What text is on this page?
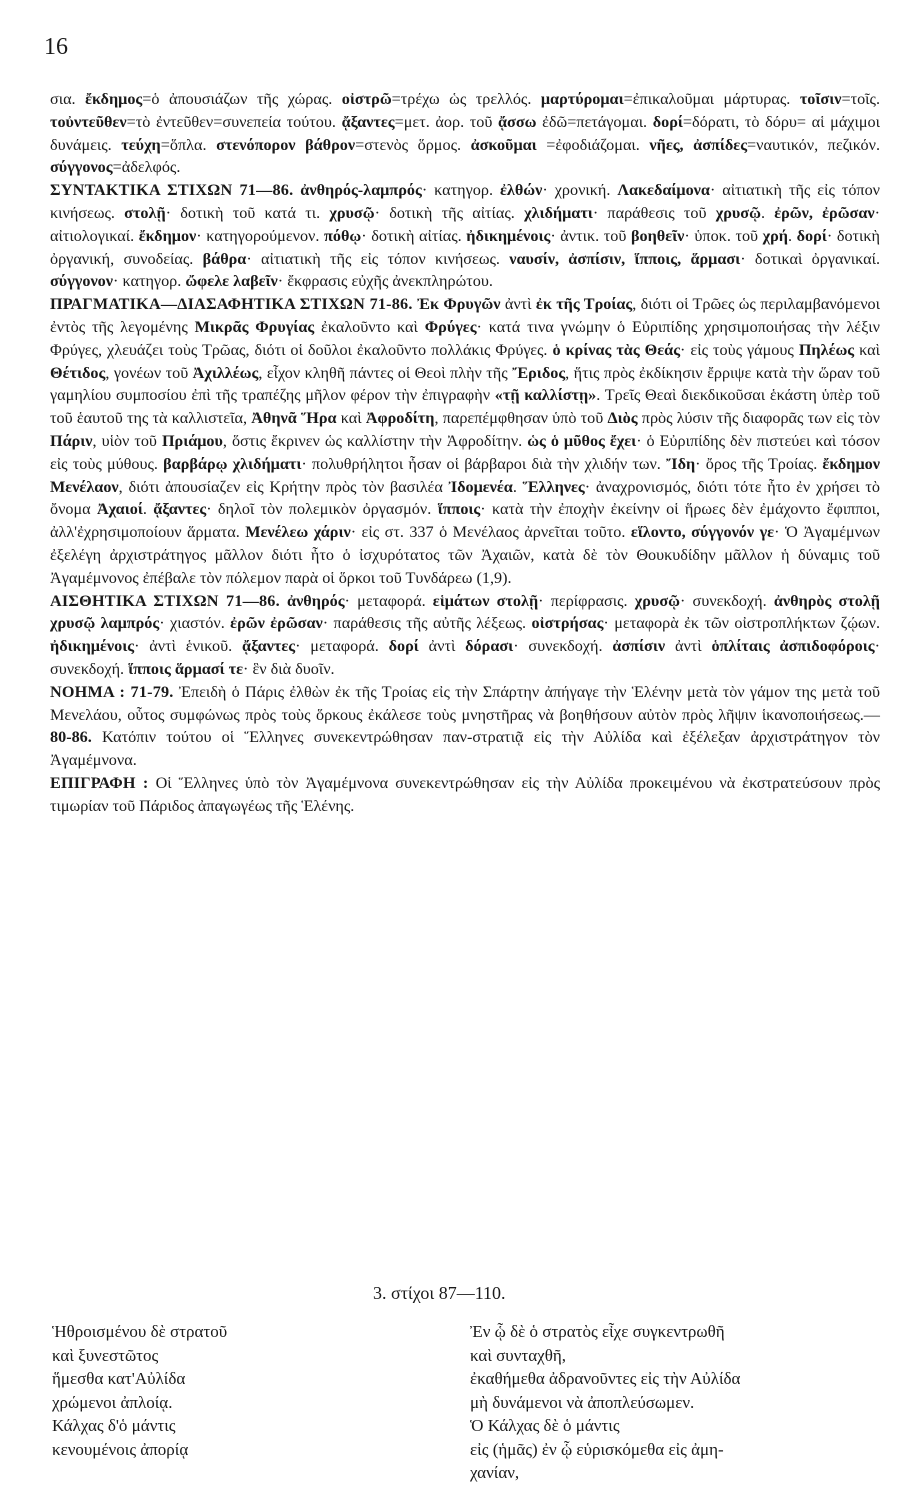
16

σια. ἔκδημος=ὁ ἀπουσιάζων τῆς χώρας. οἰστρῶ=τρέχω ὡς τρελλός. μαρτύρομαι=ἐπικαλοῦμαι μάρτυρας. τοῖσιν=τοῖς. τοὐντεῦθεν=τὸ ἐντεῦθεν=συνεπεία τούτου. ᾄξαντες=μετ. ἀορ. τοῦ ᾄσσω ἐδῶ=πετάγομαι. δορί=δόρατι, τὸ δόρυ= αἱ μάχιμοι δυνάμεις. τεύχη=ὅπλα. στενόπορον βάθρον=στενὸς ὅρμος. ἀσκοῦμαι =ἐφοδιάζομαι. νῆες, ἀσπίδες=ναυτικόν, πεζικόν. σύγγονος=ἀδελφός.

ΣΥΝΤΑΚΤΙΚΑ ΣΤΙΧΩΝ 71—86. ἀνθηρός-λαμπρός· κατηγορ. ἐλθών· χρονική. Λακεδαίμονα· αἰτιατικὴ τῆς εἰς τόπον κινήσεως. στολῇ· δοτικὴ τοῦ κατά τι. χρυσῷ· δοτικὴ τῆς αἰτίας. χλιδήματι· παράθεσις τοῦ χρυσῷ. ἐρῶν, ἐρῶσαν· αἰτιολογικαί. ἔκδημον· κατηγορούμενον. πόθῳ· δοτικὴ αἰτίας. ἠδικημένοις· ἀντικ. τοῦ βοηθεῖν· ὑποκ. τοῦ χρή. δορί· δοτικὴ ὀργανική, συνοδείας. βάθρα· αἰτιατικὴ τῆς εἰς τόπον κινήσεως. ναυσίν, ἀσπίσιν, ἵπποις, ἅρμασι· δοτικαὶ ὀργανικαί. σύγγονον· κατηγορ. ὤφελε λαβεῖν· ἔκφρασις εὐχῆς ἀνεκπληρώτου.

ΠΡΑΓΜΑΤΙΚΑ—ΔΙΑΣΑΦΗΤΙΚΑ ΣΤΙΧΩΝ 71-86. Ἐκ Φρυγῶν ἀντὶ ἐκ τῆς Τροίας, διότι οἱ Τρῶες ὡς περιλαμβανόμενοι ἐντὸς τῆς λεγομένης Μικρᾶς Φρυγίας ἐκαλοῦντο καὶ Φρύγες· κατά τινα γνώμην ὁ Εὐριπίδης χρησιμοποιήσας τὴν λέξιν Φρύγες, χλευάζει τοὺς Τρῶας, διότι οἱ δοῦλοι ἐκαλοῦντο πολλάκις Φρύγες. ὁ κρίνας τὰς Θεάς· εἰς τοὺς γάμους Πηλέως καὶ Θέτιδος, γονέων τοῦ Ἀχιλλέως, εἶχον κληθῆ πάντες οἱ Θεοὶ πλὴν τῆς Ἔριδος, ἥτις πρὸς ἐκδίκησιν ἔρριψε κατὰ τὴν ὥραν τοῦ γαμηλίου συμποσίου ἐπὶ τῆς τραπέζης μῆλον φέρον τὴν ἐπιγραφὴν «τῇ καλλίστῃ». Τρεῖς Θεαὶ διεκδικοῦσαι ἑκάστη ὑπὲρ τοῦ τοῦ ἑαυτοῦ της τὰ καλλιστεῖα, Ἀθηνᾶ Ἥρα καὶ Ἀφροδίτη, παρεπέμφθησαν ὑπὸ τοῦ Διὸς πρὸς λύσιν τῆς διαφορᾶς των εἰς τὸν Πάριν, υἱὸν τοῦ Πριάμου, ὅστις ἔκρινεν ὡς καλλίστην τὴν Ἀφροδίτην. ὡς ὁ μῦθος ἔχει· ὁ Εὐριπίδης δὲν πιστεύει καὶ τόσον εἰς τοὺς μύθους. βαρβάρῳ χλιδήματι· πολυθρήλητοι ἦσαν οἱ βάρβαροι διὰ τὴν χλιδήν των. Ἴδη· ὄρος τῆς Τροίας. ἔκδημον Μενέλαον, διότι ἀπουσίαζεν εἰς Κρήτην πρὸς τὸν βασιλέα Ἰδομενέα. Ἕλληνες· ἀναχρονισμός, διότι τότε ἦτο ἐν χρήσει τὸ ὄνομα Ἀχαιοί. ᾄξαντες· δηλοῖ τὸν πολεμικὸν ὀργασμόν. ἵπποις· κατὰ τὴν ἐποχὴν ἐκείνην οἱ ἥρωες δὲν ἐμάχοντο ἔφιπποι, ἀλλ'ἐχρησιμοποίουν ἅρματα. Μενέλεω χάριν· εἰς στ. 337 ὁ Μενέλαος ἀρνεῖται τοῦτο. εἵλοντο, σύγγονόν γε· Ὁ Ἀγαμέμνων ἐξελέγη ἀρχιστράτηγος μᾶλλον διότι ἦτο ὁ ἰσχυρότατος τῶν Ἀχαιῶν, κατὰ δὲ τὸν Θουκυδίδην μᾶλλον ἡ δύναμις τοῦ Ἀγαμέμνονος ἐπέβαλε τὸν πόλεμον παρὰ οἱ ὅρκοι τοῦ Τυνδάρεω (1,9).

ΑΙΣΘΗΤΙΚΑ ΣΤΙΧΩΝ 71—86. ἀνθηρός· μεταφορά. εἱμάτων στολῇ· περίφρασις. χρυσῷ· συνεκδοχή. ἀνθηρὸς στολῇ χρυσῷ λαμπρός· χιαστόν. ἐρῶν ἐρῶσαν· παράθεσις τῆς αὐτῆς λέξεως. οἰστρήσας· μεταφορὰ ἐκ τῶν οἰστροπλήκτων ζῴων. ἠδικημένοις· ἀντὶ ἑνικοῦ. ᾄξαντες· μεταφορά. δορί ἀντὶ δόρασι· συνεκδοχή. ἀσπίσιν ἀντὶ ὁπλίταις ἀσπιδοφόροις· συνεκδοχή. ἵπποις ἅρμασί τε· ἓν διὰ δυοῖν.

ΝΟΗΜΑ : 71-79. Ἐπειδὴ ὁ Πάρις ἐλθὼν ἐκ τῆς Τροίας εἰς τὴν Σπάρτην ἀπήγαγε τὴν Ἑλένην μετὰ τὸν γάμον της μετὰ τοῦ Μενελάου, οὗτος συμφώνως πρὸς τοὺς ὅρκους ἐκάλεσε τοὺς μνηστῆρας νὰ βοηθήσουν αὐτὸν πρὸς λῆψιν ἱκανοποιήσεως.— 80-86. Κατόπιν τούτου οἱ Ἕλληνες συνεκεντρώθησαν παν-στρατιᾷ εἰς τὴν Αὐλίδα καὶ ἐξέλεξαν ἀρχιστράτηγον τὸν Ἀγαμέμνονα.

ΕΠΙΓΡΑΦΗ : Οἱ Ἕλληνες ὑπὸ τὸν Ἀγαμέμνονα συνεκεντρώθησαν εἰς τὴν Αὐλίδα προκειμένου νὰ ἐκστρατεύσουν πρὸς τιμωρίαν τοῦ Πάριδος ἀπαγωγέως τῆς Ἑλένης.

3. στίχοι 87—110.
Ἡθροισμένου δὲ στρατοῦ
καὶ ξυνεστῶτος
ἥμεσθα κατ'Αὐλίδα
χρώμενοι ἀπλοίᾳ.
Κάλχας δ'ὁ μάντις
κενουμένοις ἀπορίᾳ
Ἐν ᾧ δὲ ὁ στρατὸς εἶχε συγκεντρωθῆ
καὶ συνταχθῆ,
ἐκαθήμεθα ἀδρανοῦντες εἰς τὴν Αὐλίδα
μὴ δυνάμενοι νὰ ἀποπλεύσωμεν.
Ὁ Κάλχας δὲ ὁ μάντις
εἰς (ἡμᾶς) ἐν ᾧ εὑρισκόμεθα εἰς ἀμη-
χανίαν,
